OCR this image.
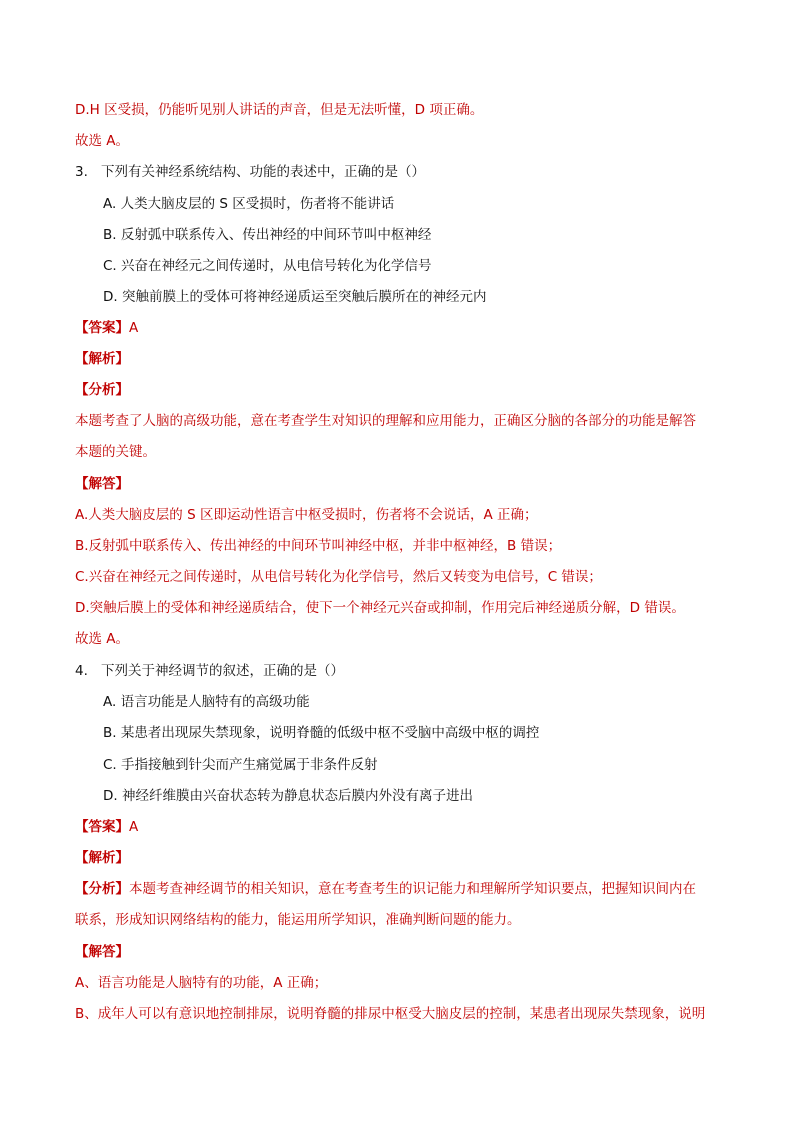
D.H 区受损，仍能听见别人讲话的声音，但是无法听懂，D 项正确。
故选 A。
3. 下列有关神经系统结构、功能的表述中，正确的是（）
A. 人类大脑皮层的 S 区受损时，伤者将不能讲话
B. 反射弧中联系传入、传出神经的中间环节叫中枢神经
C. 兴奋在神经元之间传递时，从电信号转化为化学信号
D. 突触前膜上的受体可将神经递质运至突触后膜所在的神经元内
【答案】A
【解析】
【分析】
本题考查了人脑的高级功能，意在考查学生对知识的理解和应用能力，正确区分脑的各部分的功能是解答
本题的关键。
【解答】
A.人类大脑皮层的 S 区即运动性语言中枢受损时，伤者将不会说话，A 正确；
B.反射弧中联系传入、传出神经的中间环节叫神经中枢，并非中枢神经，B 错误；
C.兴奋在神经元之间传递时，从电信号转化为化学信号，然后又转变为电信号，C 错误；
D.突触后膜上的受体和神经递质结合，使下一个神经元兴奋或抑制，作用完后神经递质分解，D 错误。
故选 A。
4. 下列关于神经调节的叙述，正确的是（）
A. 语言功能是人脑特有的高级功能
B. 某患者出现尿失禁现象，说明脊髓的低级中枢不受脑中高级中枢的调控
C. 手指接触到针尖而产生痛觉属于非条件反射
D. 神经纤维膜由兴奋状态转为静息状态后膜内外没有离子进出
【答案】A
【解析】
【分析】本题考查神经调节的相关知识，意在考查考生的识记能力和理解所学知识要点，把握知识间内在
联系，形成知识网络结构的能力，能运用所学知识，准确判断问题的能力。
【解答】
A、语言功能是人脑特有的功能，A 正确；
B、成年人可以有意识地控制排尿，说明脊髓的排尿中枢受大脑皮层的控制，某患者出现尿失禁现象，说明
